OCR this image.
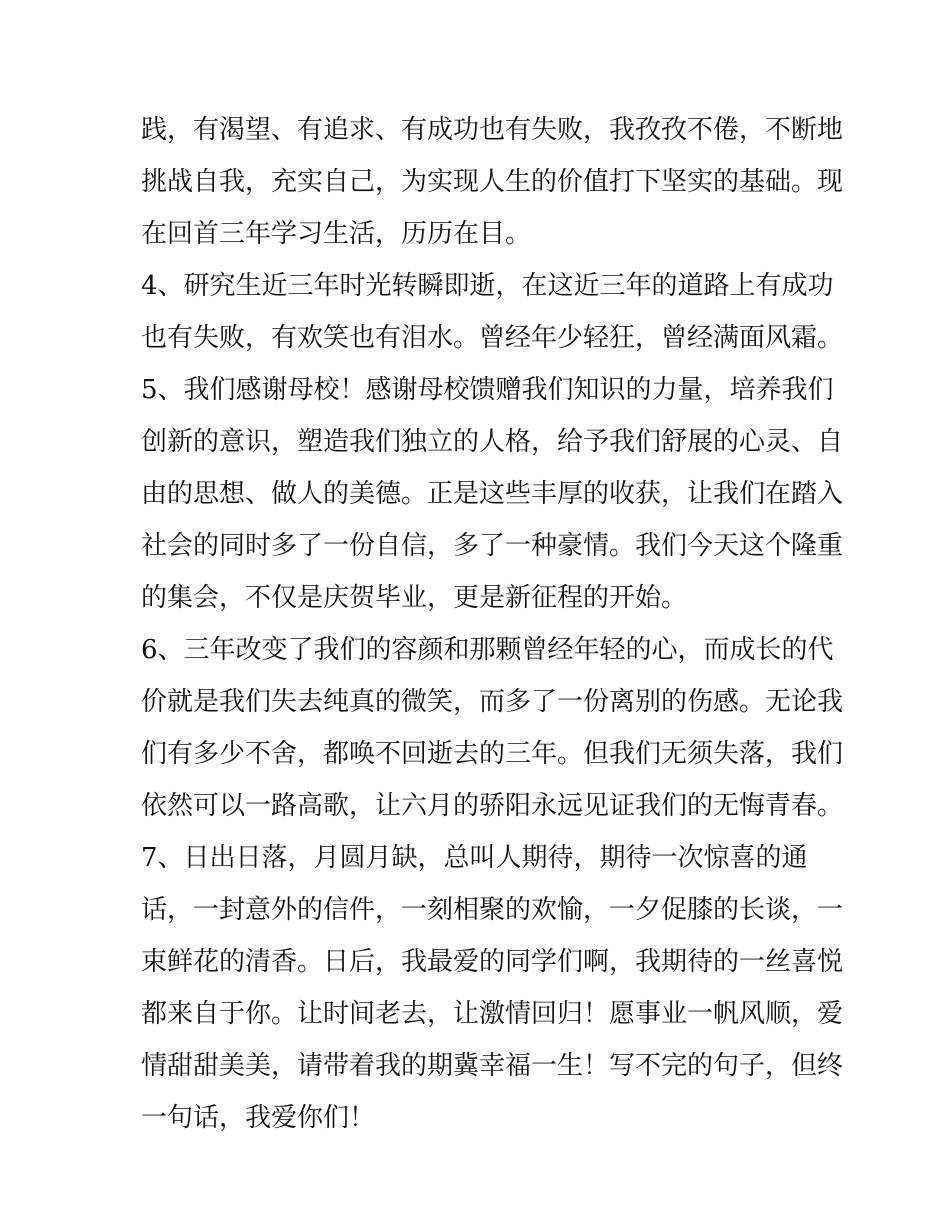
践，有渴望、有追求、有成功也有失败，我孜孜不倦，不断地

挑战自我，充实自己，为实现人生的价值打下坚实的基础。现

在回首三年学习生活，历历在目。

4、研究生近三年时光转瞬即逝，在这近三年的道路上有成功

也有失败，有欢笑也有泪水。曾经年少轻狂，曾经满面风霜。

5、我们感谢母校！感谢母校馈赠我们知识的力量，培养我们

创新的意识，塑造我们独立的人格，给予我们舒展的心灵、自

由的思想、做人的美德。正是这些丰厚的收获，让我们在踏入

社会的同时多了一份自信，多了一种豪情。我们今天这个隆重

的集会，不仅是庆贺毕业，更是新征程的开始。

6、三年改变了我们的容颜和那颗曾经年轻的心，而成长的代

价就是我们失去纯真的微笑，而多了一份离别的伤感。无论我

们有多少不舍，都唤不回逝去的三年。但我们无须失落，我们

依然可以一路高歌，让六月的骄阳永远见证我们的无悔青春。

7、日出日落，月圆月缺，总叫人期待，期待一次惊喜的通

话，一封意外的信件，一刻相聚的欢愉，一夕促膝的长谈，一

束鲜花的清香。日后，我最爱的同学们啊，我期待的一丝喜悦

都来自于你。让时间老去，让激情回归！愿事业一帆风顺，爱

情甜甜美美，请带着我的期冀幸福一生！写不完的句子，但终

一句话，我爱你们！
